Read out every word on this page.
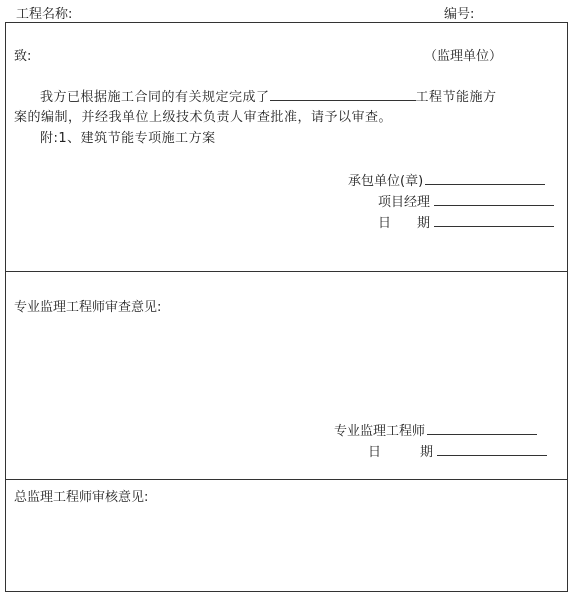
工程名称:	编号:
致:	（监理单位）
我方已根据施工合同的有关规定完成了	工程节能施方
案的编制，并经我单位上级技术负责人审查批准，请予以审查。
附:1、建筑节能专项施工方案
承包单位(章)
项目经理
日　　期
专业监理工程师审查意见:
专业监理工程师
日　　　期
总监理工程师审核意见:
